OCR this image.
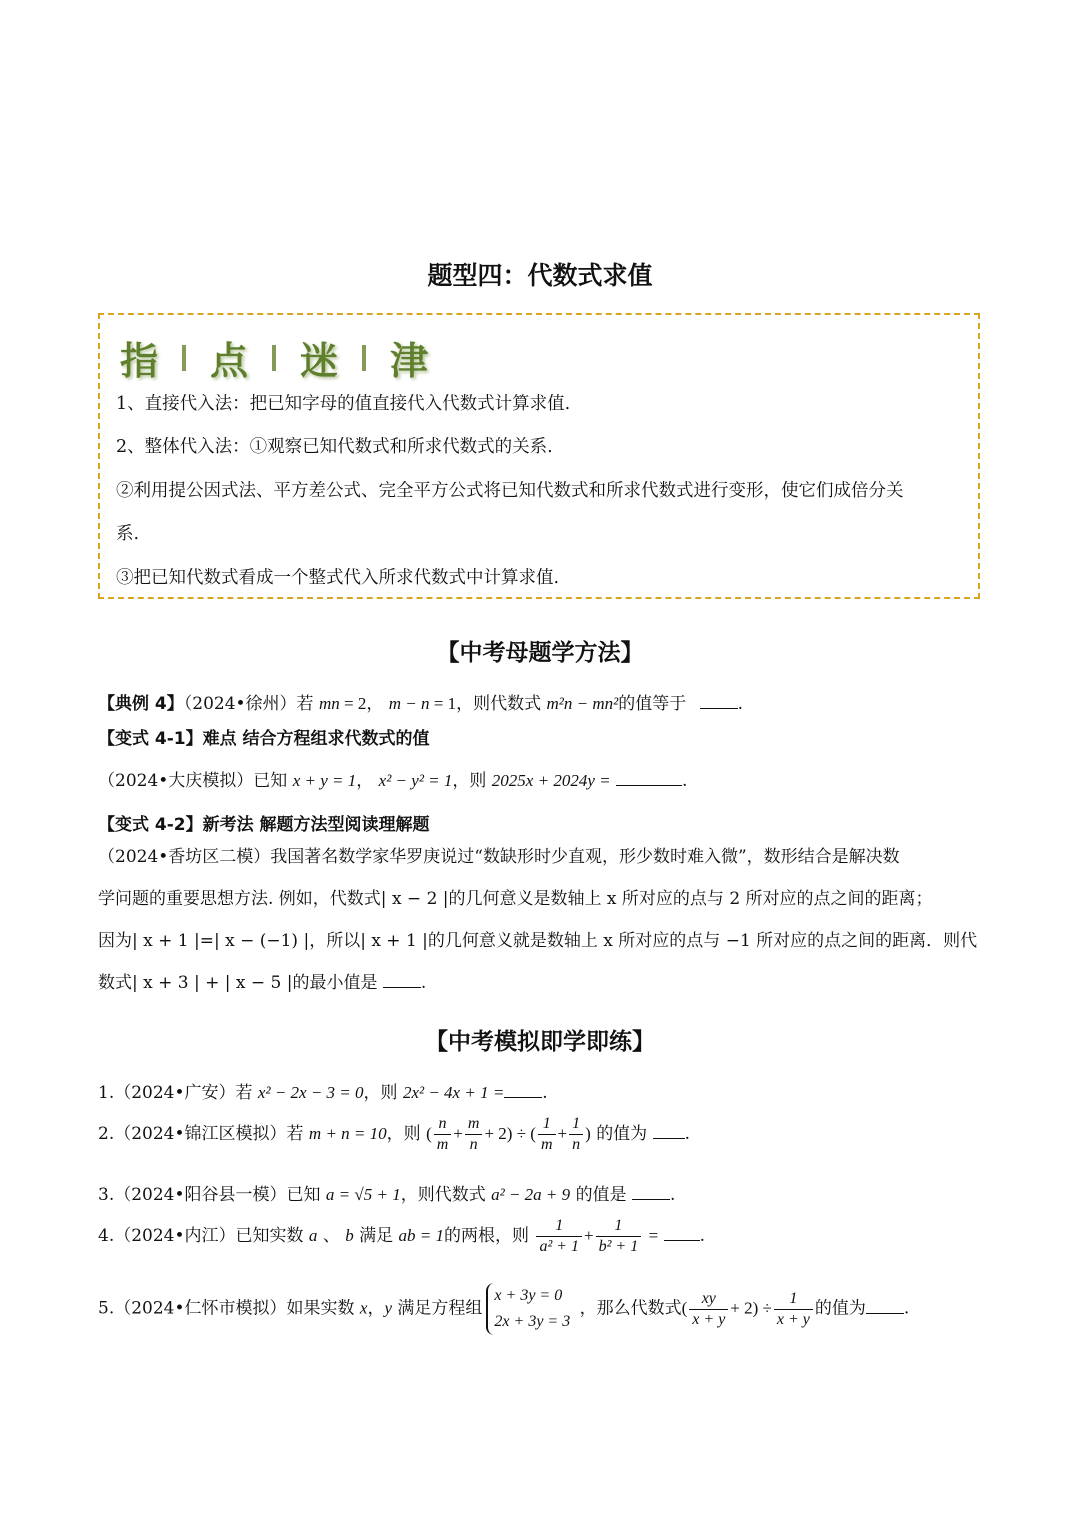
题型四：代数式求值
指 点 迷 津
1、直接代入法：把已知字母的值直接代入代数式计算求值.
2、整体代入法：①观察已知代数式和所求代数式的关系.
②利用提公因式法、平方差公式、完全平方公式将已知代数式和所求代数式进行变形，使它们成倍分关
系.
③把已知代数式看成一个整式代入所求代数式中计算求值.
【中考母题学方法】
【典例 4】（2024•徐州）若 mn = 2， m − n = 1，则代数式 m²n − mn²的值等于	.
【变式 4-1】难点 结合方程组求代数式的值
（2024•大庆模拟）已知 x + y = 1， x² − y² = 1，则 2025x + 2024y =	.
【变式 4-2】新考法 解题方法型阅读理解题
（2024•香坊区二模）我国著名数学家华罗庚说过“数缺形时少直观，形少数时难入微”，数形结合是解决数
学问题的重要思想方法. 例如，代数式| x − 2 |的几何意义是数轴上 x 所对应的点与 2 所对应的点之间的距离；
因为| x + 1 |=| x − (−1) |，所以| x + 1 |的几何意义就是数轴上 x 所对应的点与 −1 所对应的点之间的距离．则代
数式| x + 3 | + | x − 5 |的最小值是	.
【中考模拟即学即练】
1.（2024•广安）若 x² − 2x − 3 = 0，则 2x² − 4x + 1 = .
2.（2024•锦江区模拟）若 m + n = 10，则 ( $\frac{n}{m} + \frac{m}{n} + 2$) ÷ ( $\frac{1}{m} + \frac{1}{n}$ ) 的值为 .
3.（2024•阳谷县一模）已知 a = √5 + 1，则代数式 a² − 2a + 9 的值是	.
4.（2024•内江）已知实数 a 、 b 满足 ab = 1的两根，则 $\frac{1}{\text{a² + 1}} + \frac{1}{\text{b² + 1}}$ = .
5.（2024•仁怀市模拟）如果实数 x，y 满足方程组
x + 3y = 0
2x + 3y = 3
，那么代数式( $\frac{xy}{x + y} + 2) \div \frac{1}{x + y}$ 的值为 .
